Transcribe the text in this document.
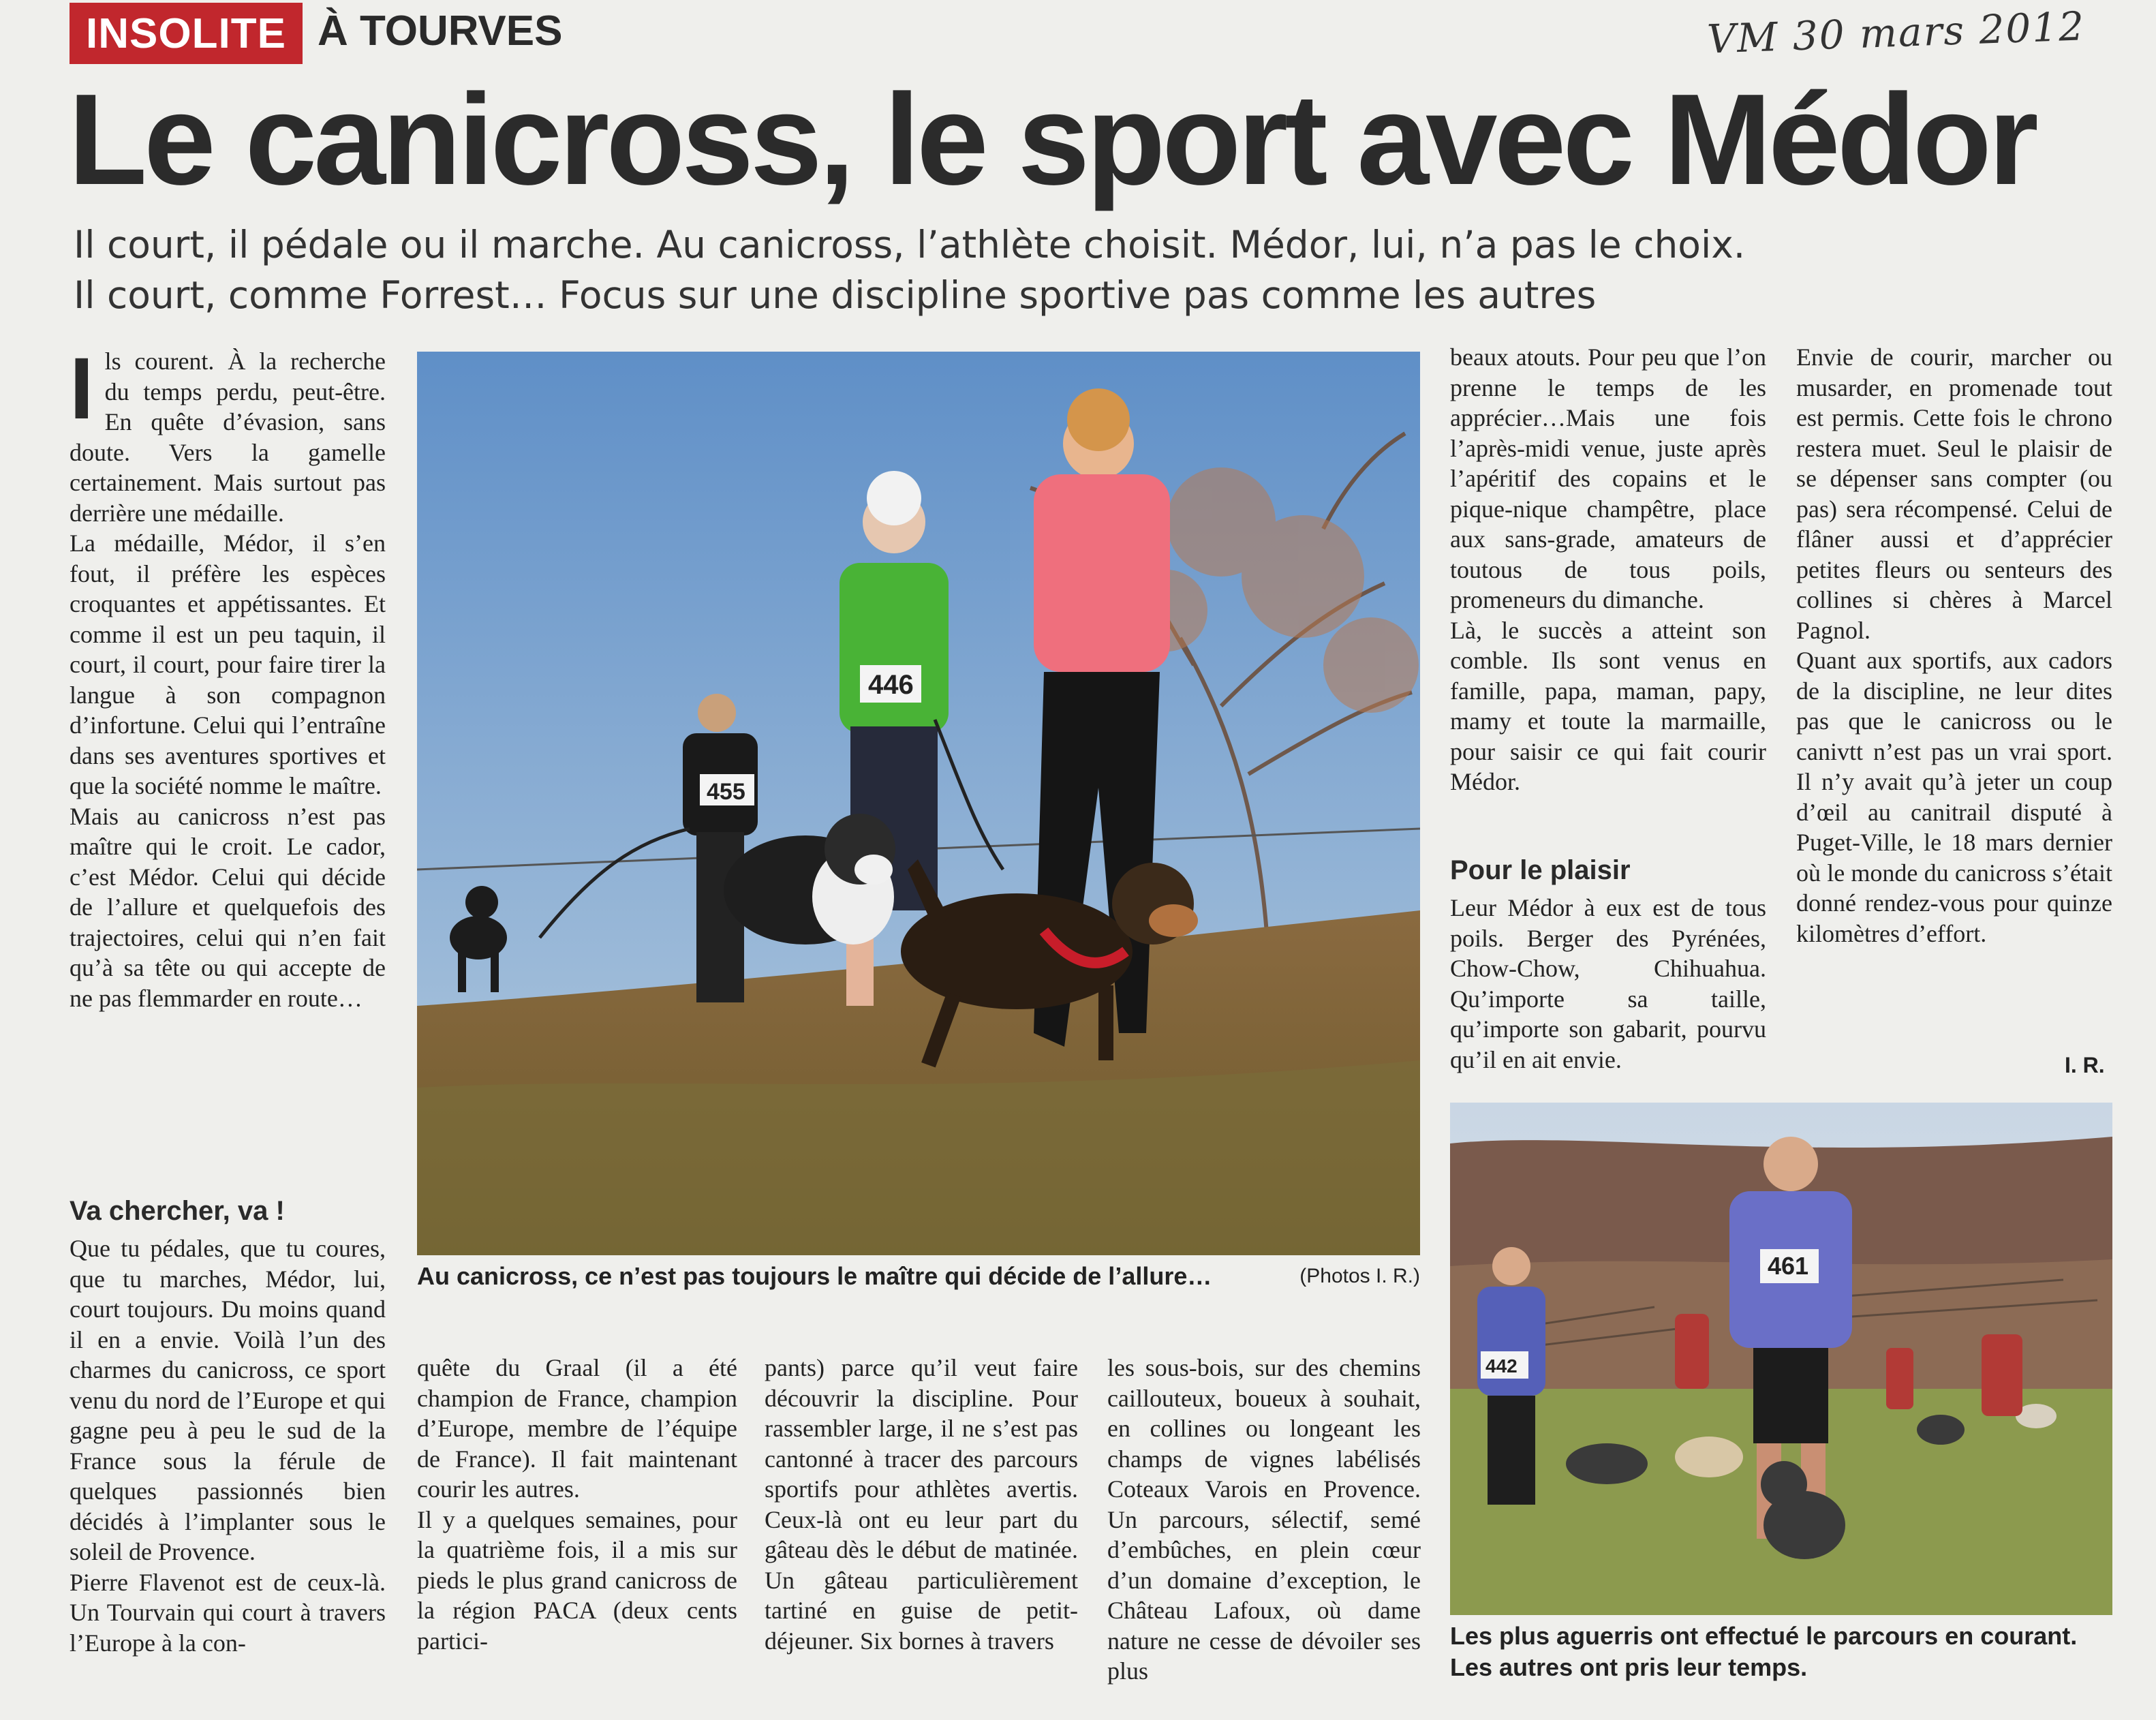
INSOLITE À TOURVES	VM 30 mars 2012
Le canicross, le sport avec Médor
Il court, il pédale ou il marche. Au canicross, l’athlète choisit. Médor, lui, n’a pas le choix.
Il court, comme Forrest… Focus sur une discipline sportive pas comme les autres

I ls courent. À la recherche du temps perdu, peut-être. En quête d’évasion, sans doute. Vers la gamelle certainement. Mais surtout pas derrière une médaille.

La médaille, Médor, il s’en fout, il préfère les espèces croquantes et appétissantes. Et comme il est un peu taquin, il court, il court, pour faire tirer la langue à son compagnon d’infortune. Celui qui l’entraîne dans ses aventures sportives et que la société nomme le maître.

Mais au canicross n’est pas maître qui le croit. Le cador, c’est Médor. Celui qui décide de l’allure et quelquefois des trajectoires, celui qui n’en fait qu’à sa tête ou qui accepte de ne pas flemmarder en route…

Va chercher, va !

Que tu pédales, que tu coures, que tu marches, Médor, lui, court toujours. Du moins quand il en a envie. Voilà l’un des charmes du canicross, ce sport venu du nord de l’Europe et qui gagne peu à peu le sud de la France sous la férule de quelques passionnés bien décidés à l’implanter sous le soleil de Provence.

Pierre Flavenot est de ceux-là. Un Tourvain qui court à travers l’Europe à la con-

446
455
Au canicross, ce n’est pas toujours le maître qui décide de l’allure…	(Photos I. R.)

quête du Graal (il a été champion de France, champion d’Europe, membre de l’équipe de France). Il fait maintenant courir les autres.

Il y a quelques semaines, pour la quatrième fois, il a mis sur pieds le plus grand canicross de la région PACA (deux cents partici-

pants) parce qu’il veut faire découvrir la discipline. Pour rassembler large, il ne s’est pas cantonné à tracer des parcours sportifs pour athlètes avertis. Ceux-là ont eu leur part du gâteau dès le début de matinée. Un gâteau particulièrement tartiné en guise de petit-déjeuner. Six bornes à travers

les sous-bois, sur des chemins caillouteux, boueux à souhait, en collines ou longeant les champs de vignes labélisés Coteaux Varois en Provence. Un parcours, sélectif, semé d’embûches, en plein cœur d’un domaine d’exception, le Château Lafoux, où dame nature ne cesse de dévoiler ses plus

beaux atouts. Pour peu que l’on prenne le temps de les apprécier…Mais une fois l’après-midi venue, juste après l’apéritif des copains et le pique-nique champêtre, place aux sans-grade, amateurs de toutous de tous poils, promeneurs du dimanche.

Là, le succès a atteint son comble. Ils sont venus en famille, papa, maman, papy, mamy et toute la marmaille, pour saisir ce qui fait courir Médor.

Pour le plaisir

Leur Médor à eux est de tous poils. Berger des Pyrénées, Chow-Chow, Chihuahua. Qu’importe sa taille, qu’importe son gabarit, pourvu qu’il en ait envie.

Envie de courir, marcher ou musarder, en promenade tout est permis. Cette fois le chrono restera muet. Seul le plaisir de se dépenser sans compter (ou pas) sera récompensé. Celui de flâner aussi et d’apprécier petites fleurs ou senteurs des collines si chères à Marcel Pagnol.

Quant aux sportifs, aux cadors de la discipline, ne leur dites pas que le canicross ou le canivtt n’est pas un vrai sport. Il n’y avait qu’à jeter un coup d’œil au canitrail disputé à Puget-Ville, le 18 mars dernier où le monde du canicross s’était donné rendez-vous pour quinze kilomètres d’effort.

I. R.
461
442
Les plus aguerris ont effectué le parcours en courant. Les autres ont pris leur temps.
